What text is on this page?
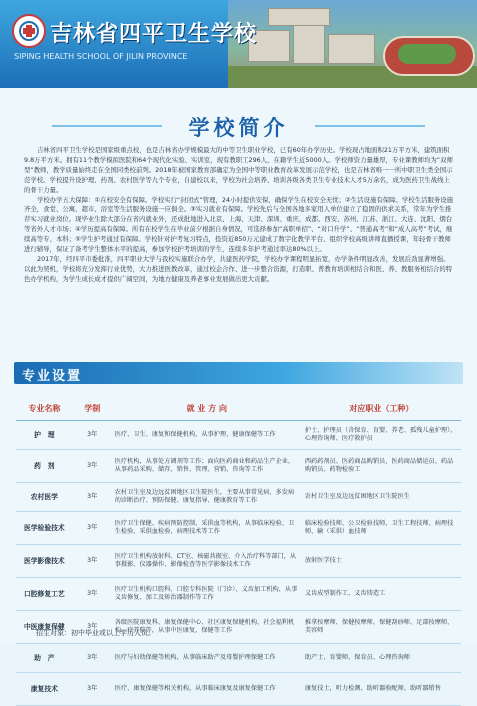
吉林省四平卫生学校
SIPING HEALTH SCHOOL OF JILIN PROVINCE
学校简介

吉林省四平卫生学校是国家级重点校，也是吉林省办学规模最大的中等卫生职业学校，已有60年办学历史。学校现占地面积21万平方米，建筑面积9.8万平方米。拥有11个教学模拟医院和64个现代化实验、实训室，现有教职工296人，在籍学生近5000人。学校师资力量雄厚，专业课教师均为“双师型”教师，教学质量始终走在全国同类校前列。2018年被国家教育部确定为全国中等职业教育改革发展示范学校，也是吉林省唯一一所中职卫生类全国示范学校。学校提升设护理、药剂、农村医学等九个专业，自建校以来，学校为社会培养、培训各级各类卫生专业技术人才5万余名，成为医药卫生战线上的骨干力量。

学校办学五大保障：①在校安全有保障。学校实行“封闭式”管理，24小时提供安保，确保学生在校安全无忧；②生活设施有保障。学校生活服务设施齐全，食堂、公寓、超市、浴室等生活服务设施一应俱全。③实习就业有保障。学校先后与全国各地多家用人单位建立了稳固的供求关系，常年为学生推荐实习就业岗位。现毕业生除大部分在省内就业外，还成批地进入北京、上海、天津、深圳、重庆、成都、西安、苏州、江苏、浙江、大连、沈阳、烟台等省外人才市场；④学历提高有保障。所有在校学生在毕业前夕根据自身情况，可选择参加“高职单招”、“对口升学”、“普通高考”和“成人高考”考试，继续高等专、本科；⑤学生护考通过有保障。学校针对护考复习特点，投资近850万元建成了数字化教学平台、组织学校高级讲师直播授课，年轻骨干教师进行辅导，保证了备考学生整体水平的提高，参加学校护考培训的学生，连续多年护考通过率达80%以上。

2017年，经四平市委批准，四平职业大学与我校实施联合办学，共建医药学院，学校办学课程明显拓宽，办学条件明显改善，发展后劲显著增强。以此为契机，学校将充分发挥行业优势，大力推进医教改革，通过校企合作、进一步整合资源，打造职、普教育培训相结合和医、养、教服务相结合的特色办学机构，为学生成长成才提供广阔空间，为地方健康及养老事业发展做出更大贡献。

专业设置
专业名称	学制	就 业 方 向	对应职业（工种）
护　理	3年	医疗、卫生、康复和保健机构，从事护理、健康保健等工作	护士、护理员（含保育、育婴、养老、孤残儿童护理），心理咨询师、医疗救护员
药　剂	3年	医疗机构，从事处方调剂等工作；面向医药商业和药品生产企业，从事药品采购、储存、销售、管理、营销、咨询等工作	西药药剂员、医药商品购销员、医药商品储运员、药品购销员、药物检验工
农村医学	3年	农村卫生室及边远贫困地区卫生院医生，主要从事常见病、多发病的诊断治疗、预防保健、康复指导、健康教育等工作	农村卫生室及边远贫困地区卫生院医生
医学检验技术	3年	医疗卫生保健、疾病预防控制、采供血等机构，从事临床检验、卫生检验、采供血检验、病理技术等工作	临床检验技师、公卫检验技师、卫生工程技师、病理技师、输（采供）血技师
医学影像技术	3年	医疗卫生机构放射科、CT室、核磁共振室、介入治疗科等部门，从事摄影、仪器操作、影像检查等医学影像技术工作	放射医学技士
口腔修复工艺	3年	医疗卫生机构口腔科、口腔专科医院（门诊）、义齿加工机构，从事义齿修复、加工及矫治器制作等工作	义齿成型制作工、义齿铸造工
中医康复保健	3年	各级医院康复科、康复保健中心、社区康复保健机构、社会福利机构、疗养院等，从事中医康复、保健等工作	推拿按摩师、保健按摩师、保健刮痧师、足部按摩师、美容师
助　产	3年	医疗与妇幼保健等机构，从事临床助产及母婴护理保健工作	助产士、育婴师、保育员、心理咨询师
康复技术	3年	医疗、康复保健等相关机构，从事临床康复及康复保健工作	康复技士，听力检测、助听器验配师、助听器销售
招生对象：初中毕业或以上学历人员。
